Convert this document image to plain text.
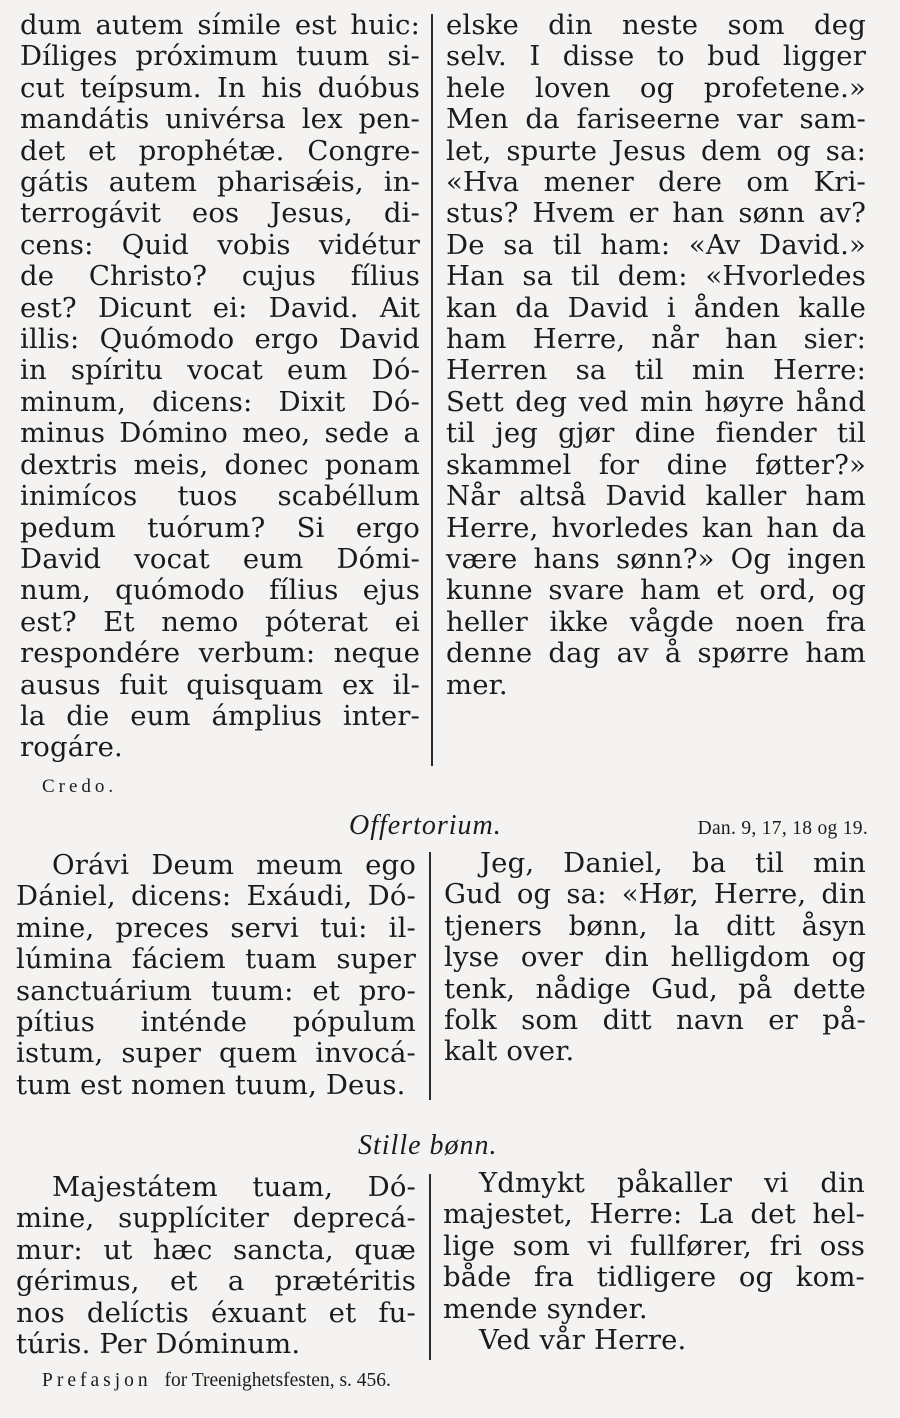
dum autem símile est huic:
Díliges próximum tuum si-
cut teípsum. In his duóbus
mandátis univérsa lex pen-
det et prophétæ. Congre-
gátis autem pharisǽis, in-
terrogávit eos Jesus, di-
cens: Quid vobis vidétur
de Christo? cujus fílius
est? Dicunt ei: David. Ait
illis: Quómodo ergo David
in spíritu vocat eum Dó-
minum, dicens: Dixit Dó-
minus Dómino meo, sede a
dextris meis, donec ponam
inimícos tuos scabéllum
pedum tuórum? Si ergo
David vocat eum Dómi-
num, quómodo fílius ejus
est? Et nemo póterat ei
respondére verbum: neque
ausus fuit quisquam ex il-
la die eum ámplius inter-
rogáre.
elske din neste som deg
selv. I disse to bud ligger
hele loven og profetene.»
Men da fariseerne var sam-
let, spurte Jesus dem og sa:
«Hva mener dere om Kri-
stus? Hvem er han sønn av?
De sa til ham: «Av David.»
Han sa til dem: «Hvorledes
kan da David i ånden kalle
ham Herre, når han sier:
Herren sa til min Herre:
Sett deg ved min høyre hånd
til jeg gjør dine fiender til
skammel for dine føtter?»
Når altså David kaller ham
Herre, hvorledes kan han da
være hans sønn?» Og ingen
kunne svare ham et ord, og
heller ikke vågde noen fra
denne dag av å spørre ham
mer.
Credo.
Offertorium.	Dan. 9, 17, 18 og 19.
Orávi Deum meum ego
Dániel, dicens: Exáudi, Dó-
mine, preces servi tui: il-
lúmina fáciem tuam super
sanctuárium tuum: et pro-
pítius inténde pópulum
istum, super quem invocá-
tum est nomen tuum, Deus.
Jeg, Daniel, ba til min
Gud og sa: «Hør, Herre, din
tjeners bønn, la ditt åsyn
lyse over din helligdom og
tenk, nådige Gud, på dette
folk som ditt navn er på-
kalt over.
Stille bønn.
Majestátem tuam, Dó-
mine, supplíciter deprecá-
mur: ut hæc sancta, quæ
gérimus, et a prætéritis
nos delíctis éxuant et fu-
túris. Per Dóminum.
Ydmykt påkaller vi din
majestet, Herre: La det hel-
lige som vi fullfører, fri oss
både fra tidligere og kom-
mende synder.
Ved vår Herre.
Prefasjon for Treenighetsfesten, s. 456.
